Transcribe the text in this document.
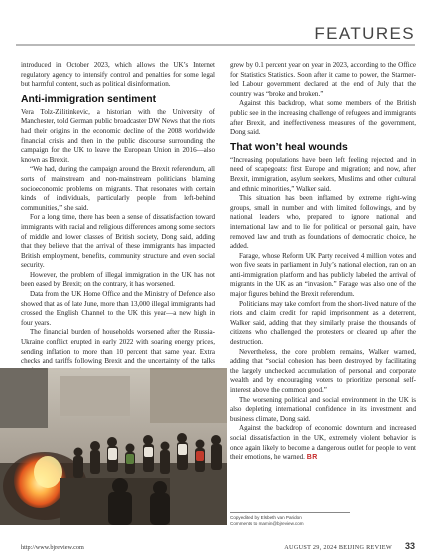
FEATURES

introduced in October 2023, which allows the UK’s Internet regulatory agency to intensify control and penalties for some legal but harmful content, such as political disinformation.

Anti-immigration sentiment

Vera Tolz-Zilitinkevic, a historian with the University of Manchester, told German public broadcaster DW News that the riots had their origins in the economic decline of the 2008 worldwide financial crisis and then in the public discourse surrounding the campaign for the UK to leave the European Union in 2016—also known as Brexit.

“We had, during the campaign around the Brexit referendum, all sorts of mainstream and non-mainstream politicians blaming socioeconomic problems on migrants. That resonates with certain kinds of individuals, particularly people from left-behind communities,” she said.

For a long time, there has been a sense of dissatisfaction toward immigrants with racial and religious differences among some sectors of middle and lower classes of British society, Dong said, adding that they believe that the arrival of these immigrants has impacted British employment, benefits, community structure and even social security.

However, the problem of illegal immigration in the UK has not been eased by Brexit; on the contrary, it has worsened.

Data from the UK Home Office and the Ministry of Defence also showed that as of late June, more than 13,000 illegal immigrants had crossed the English Channel to the UK this year—a new high in four years.

The financial burden of households worsened after the Russia-Ukraine conflict erupted in early 2022 with soaring energy prices, sending inflation to more than 10 percent that same year. Extra checks and tariffs following Brexit and the uncertainty of the talks

grew by 0.1 percent year on year in 2023, according to the Office for Statistics Statistics. Soon after it came to power, the Starmer-led Labour government declared at the end of July that the country was “broke and broken.”

Against this backdrop, what some members of the British public see in the increasing challenge of refugees and immigrants after Brexit, and ineffectiveness measures of the government, Dong said.

That won’t heal wounds

“Increasing populations have been left feeling rejected and in need of scapegoats: first Europe and migration; and now, after Brexit, immigration, asylum seekers, Muslims and other cultural and ethnic minorities,” Walker said.

This situation has been inflamed by extreme right-wing groups, small in number and with limited followings, and by national leaders who, prepared to ignore national and international law and to lie for political or personal gain, have removed law and truth as foundations of democratic choice, he added.

Farage, whose Reform UK Party received 4 million votes and won five seats in parliament in July’s national election, ran on an anti-immigration platform and has publicly labeled the arrival of migrants in the UK as an “invasion.” Farage was also one of the major figures behind the Brexit referendum.

Politicians may take comfort from the short-lived nature of the riots and claim credit for rapid imprisonment as a deterrent, Walker said, adding that they similarly praise the thousands of citizens who challenged the protesters or cleared up after the destruction.

Nevertheless, the core problem remains, Walker warned, adding that “social cohesion has been destroyed by facilitating the largely unchecked accumulation of personal and corporate wealth and by encouraging voters to prioritize personal self-interest above the common good.”

The worsening political and social environment in the UK is also depleting international confidence in its investment and business climate, Dong said.

Against the backdrop of economic downturn and increased social dissatisfaction in the UK, extremely violent behavior is once again likely to become a dangerous outlet for people to vent their emotions, he warned. BR

Copyedited by Elsbeth van Paridon
Comments to mamin@bjreview.com
http://www.bjreview.com	AUGUST 29, 2024 BEIJING REVIEW 33
